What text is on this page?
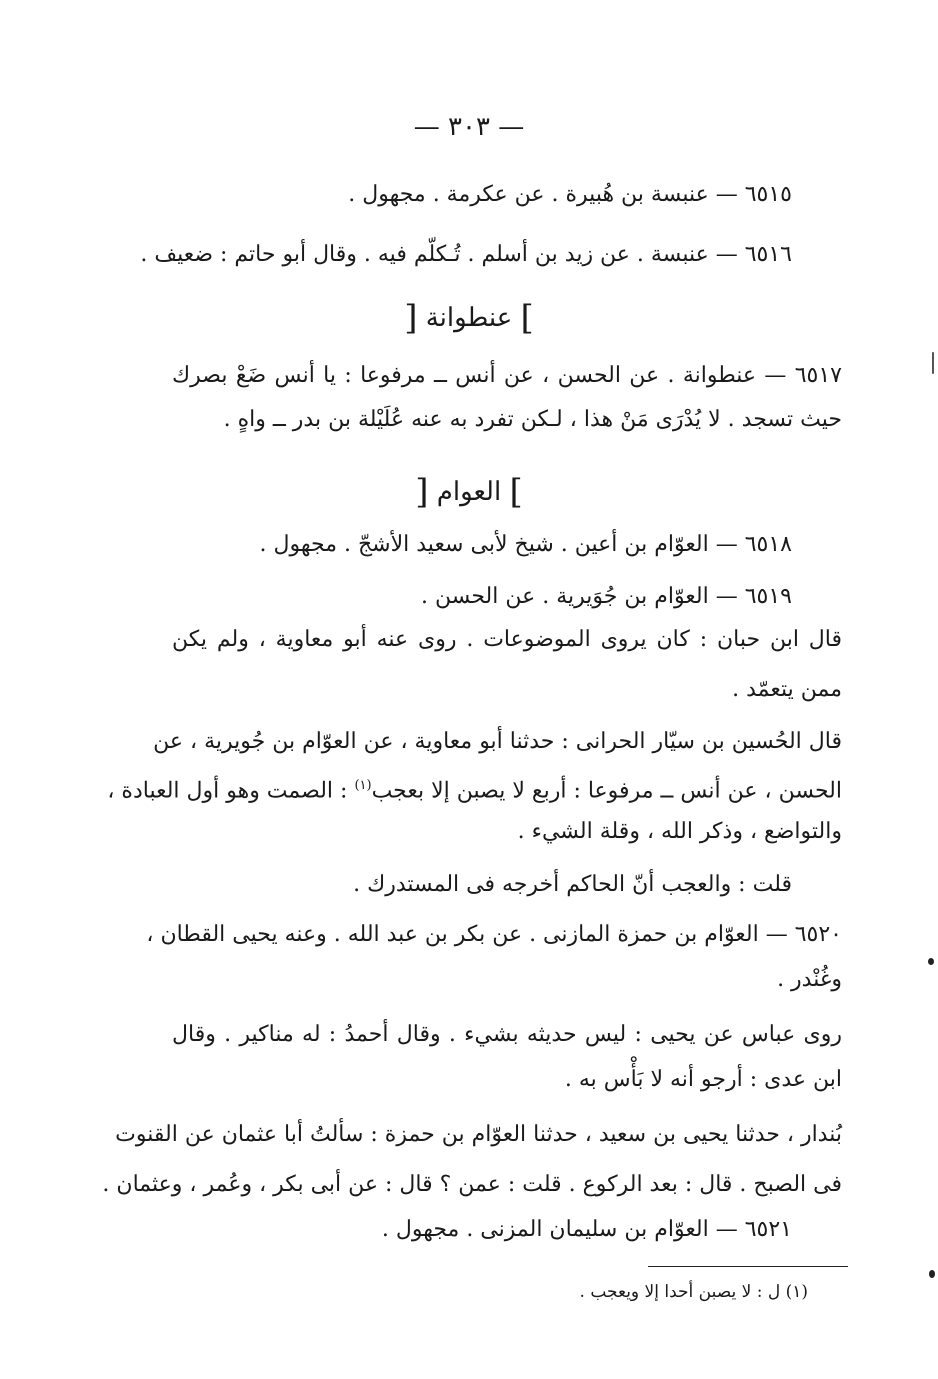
— ٣٠٣ —
٦٥١٥ — عنبسة بن هُبيرة . عن عكرمة . مجهول .
٦٥١٦ — عنبسة . عن زيد بن أسلم . تُـكلّم فيه . وقال أبو حاتم : ضعيف .
] عنطوانة [
٦٥١٧ — عنطوانة . عن الحسن ، عن أنس ــ مرفوعا : يا أنس ضَعْ بصرك
حيث تسجد . لا يُدْرَى مَنْ هذا ، لـكن تفرد به عنه عُلَيْلة بن بدر ــ واهٍ .
] العوام [
٦٥١٨ — العوّام بن أعين . شيخ لأبى سعيد الأشجّ . مجهول .
٦٥١٩ — العوّام بن جُوَيرية . عن الحسن .
قال ابن حبان : كان يروى الموضوعات . روى عنه أبو معاوية ، ولم يكن
ممن يتعمّد .
قال الحُسين بن سيّار الحرانى : حدثنا أبو معاوية ، عن العوّام بن جُويرية ، عن
الحسن ، عن أنس ــ مرفوعا : أربع لا يصبن إلا بعجب$^{(١)}$ : الصمت وهو أول العبادة ،
والتواضع ، وذكر الله ، وقلة الشيء .
قلت : والعجب أنّ الحاكم أخرجه فى المستدرك .
٦٥٢٠ — العوّام بن حمزة المازنى . عن بكر بن عبد الله . وعنه يحيى القطان ،
وغُنْدر .
روى عباس عن يحيى : ليس حديثه بشيء . وقال أحمدُ : له مناكير . وقال
ابن عدى : أرجو أنه لا بَأْس به .
بُندار ، حدثنا يحيى بن سعيد ، حدثنا العوّام بن حمزة : سألتُ أبا عثمان عن القنوت
فى الصبح . قال : بعد الركوع . قلت : عمن ؟ قال : عن أبى بكر ، وعُمر ، وعثمان .
٦٥٢١ — العوّام بن سليمان المزنى . مجهول .
(١) ل : لا يصبن أحدا إلا ويعجب .
